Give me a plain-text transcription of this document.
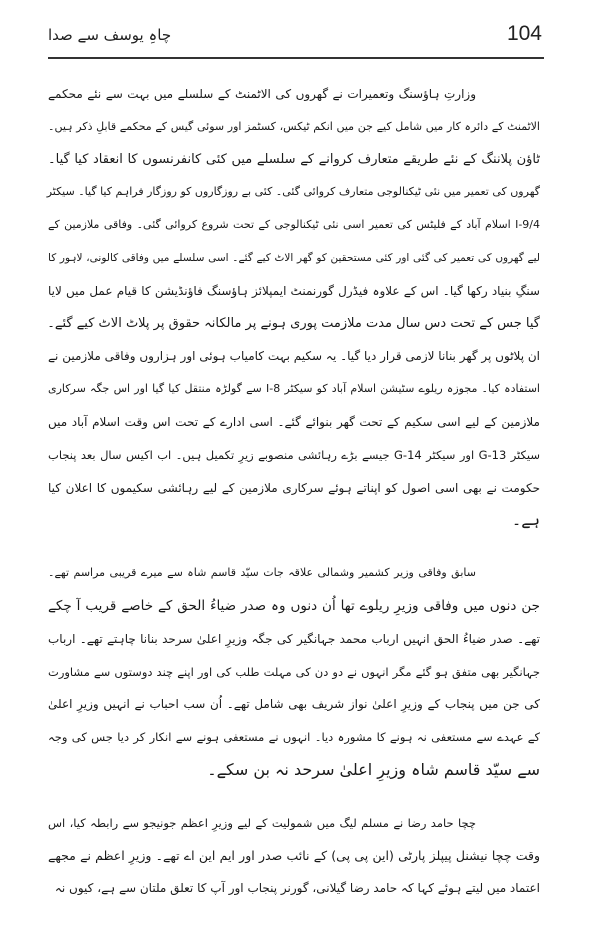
104
چاہِ یوسف سے صدا
وزارتِ ہاؤسنگ وتعمیرات نے گھروں کی الاٹمنٹ کے سلسلے میں بہت سے نئے محکمے
الاٹمنٹ کے دائرہ کار میں شامل کیے جن میں انکم ٹیکس، کسٹمز اور سوئی گیس کے محکمے قابلِ ذکر ہیں۔
ٹاؤن پلاننگ کے نئے طریقے متعارف کروانے کے سلسلے میں کئی کانفرنسوں کا انعقاد کیا گیا۔
گھروں کی تعمیر میں نئی ٹیکنالوجی متعارف کروائی گئی۔ کئی بے روزگاروں کو روزگار فراہم کیا گیا۔ سیکٹر
I-9/4 اسلام آباد کے فلیٹس کی تعمیر اسی نئی ٹیکنالوجی کے تحت شروع کروائی گئی۔ وفاقی ملازمین کے
لیے گھروں کی تعمیر کی گئی اور کئی مستحقین کو گھر الاٹ کیے گئے۔ اسی سلسلے میں وفاقی کالونی، لاہور کا
سنگِ بنیاد رکھا گیا۔ اس کے علاوہ فیڈرل گورنمنٹ ایمپلائز ہاؤسنگ فاؤنڈیشن کا قیام عمل میں لایا
گیا جس کے تحت دس سال مدت ملازمت پوری ہونے پر مالکانہ حقوق پر پلاٹ الاٹ کیے گئے۔
ان پلاٹوں پر گھر بنانا لازمی قرار دیا گیا۔ یہ سکیم بہت کامیاب ہوئی اور ہزاروں وفاقی ملازمین نے
استفادہ کیا۔ مجوزہ ریلوے سٹیشن اسلام آباد کو سیکٹر I-8 سے گولڑہ منتقل کیا گیا اور اس جگہ سرکاری
ملازمین کے لیے اسی سکیم کے تحت گھر بنوائے گئے۔ اسی ادارے کے تحت اس وقت اسلام آباد میں
سیکٹر G-13 اور سیکٹر G-14 جیسے بڑے رہائشی منصوبے زیرِ تکمیل ہیں۔ اب اکیس سال بعد پنجاب
حکومت نے بھی اسی اصول کو اپناتے ہوئے سرکاری ملازمین کے لیے رہائشی سکیموں کا اعلان کیا
ہے۔
سابق وفاقی وزیر کشمیر وشمالی علاقہ جات سیّد قاسم شاہ سے میرے قریبی مراسم تھے۔
جن دنوں میں وفاقی وزیرِ ریلوے تھا اُن دنوں وہ صدر ضیاءُ الحق کے خاصے قریب آ چکے
تھے۔ صدر ضیاءُ الحق انہیں ارباب محمد جہانگیر کی جگہ وزیرِ اعلیٰ سرحد بنانا چاہتے تھے۔ ارباب
جہانگیر بھی متفق ہو گئے مگر انہوں نے دو دن کی مہلت طلب کی اور اپنے چند دوستوں سے مشاورت
کی جن میں پنجاب کے وزیرِ اعلیٰ نواز شریف بھی شامل تھے۔ اُن سب احباب نے انہیں وزیرِ اعلیٰ
کے عہدے سے مستعفی نہ ہونے کا مشورہ دیا۔ انہوں نے مستعفی ہونے سے انکار کر دیا جس کی وجہ
سے سیّد قاسم شاہ وزیرِ اعلیٰ سرحد نہ بن سکے۔
چچا حامد رضا نے مسلم لیگ میں شمولیت کے لیے وزیرِ اعظم جونیجو سے رابطہ کیا، اس
وقت چچا نیشنل پیپلز پارٹی (این پی پی) کے نائب صدر اور ایم این اے تھے۔ وزیرِ اعظم نے مجھے
اعتماد میں لیتے ہوئے کہا کہ حامد رضا گیلانی، گورنر پنجاب اور آپ کا تعلق ملتان سے ہے، کیوں نہ
